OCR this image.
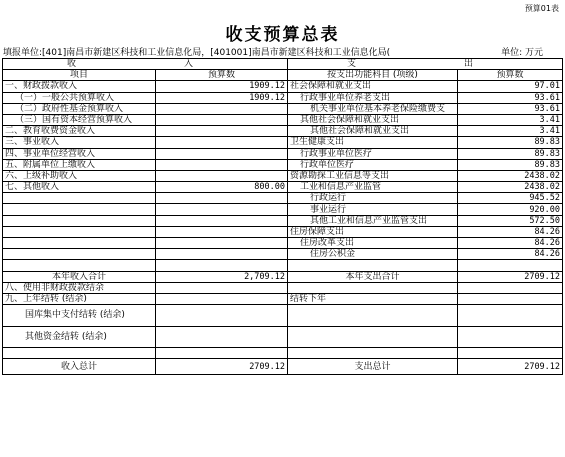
预算01表
收支预算总表
填报单位:[401]南昌市新建区科技和工业信息化局，[401001]南昌市新建区科技和工业信息化局(	单位: 万元
收　　入		支　　出	
项目	预算数	按支出功能科目 (项级)	预算数
一、财政拨款收入	1909.12	社会保障和就业支出	97.01
（一）一般公共预算收入	1909.12	行政事业单位养老支出	93.61
（二）政府性基金预算收入		机关事业单位基本养老保险缴费支	93.61
（三）国有资本经营预算收入		其他社会保障和就业支出	3.41
二、教育收费资金收入		其他社会保障和就业支出	3.41
三、事业收入		卫生健康支出	89.83
四、事业单位经营收入		行政事业单位医疗	89.83
五、附属单位上缴收入		行政单位医疗	89.83
六、上级补助收入		资源勘探工业信息等支出	2438.02
七、其他收入	800.00	工业和信息产业监管	2438.02
		行政运行	945.52
		事业运行	920.00
		其他工业和信息产业监管支出	572.50
		住房保障支出	84.26
		住房改革支出	84.26
		住房公积金	84.26

本年收入合计	2,709.12	本年支出合计	2709.12
八、使用非财政拨款结余			
九、上年结转 (结余)		结转下年	
国库集中支付结转 (结余)			
其他资金结转 (结余)			

收入总计	2709.12	支出总计	2709.12
